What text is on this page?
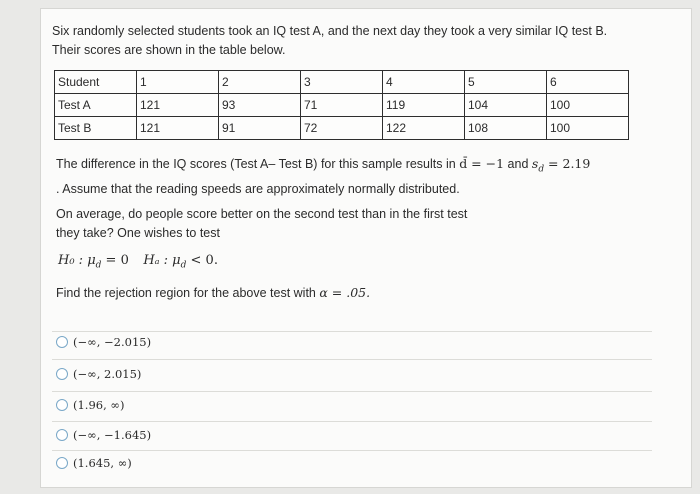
Six randomly selected students took an IQ test A, and the next day they took a very similar IQ test B.
Their scores are shown in the table below.
Student	1	2	3	4	5	6
Test A	121	93	71	119	104	100
Test B	121	91	72	122	108	100
The difference in the IQ scores (Test A– Test B) for this sample results in d̄ = −1 and $s_d = 2.19$
. Assume that the reading speeds are approximately normally distributed.
On average, do people score better on the second test than in the first test
they take? One wishes to test
H₀ : $\mu_d = 0$ Hₐ : $\mu_d < 0$.
Find the rejection region for the above test with α = .05.
(−∞, −2.015)
(−∞, 2.015)
(1.96, ∞)
(−∞, −1.645)
(1.645, ∞)
